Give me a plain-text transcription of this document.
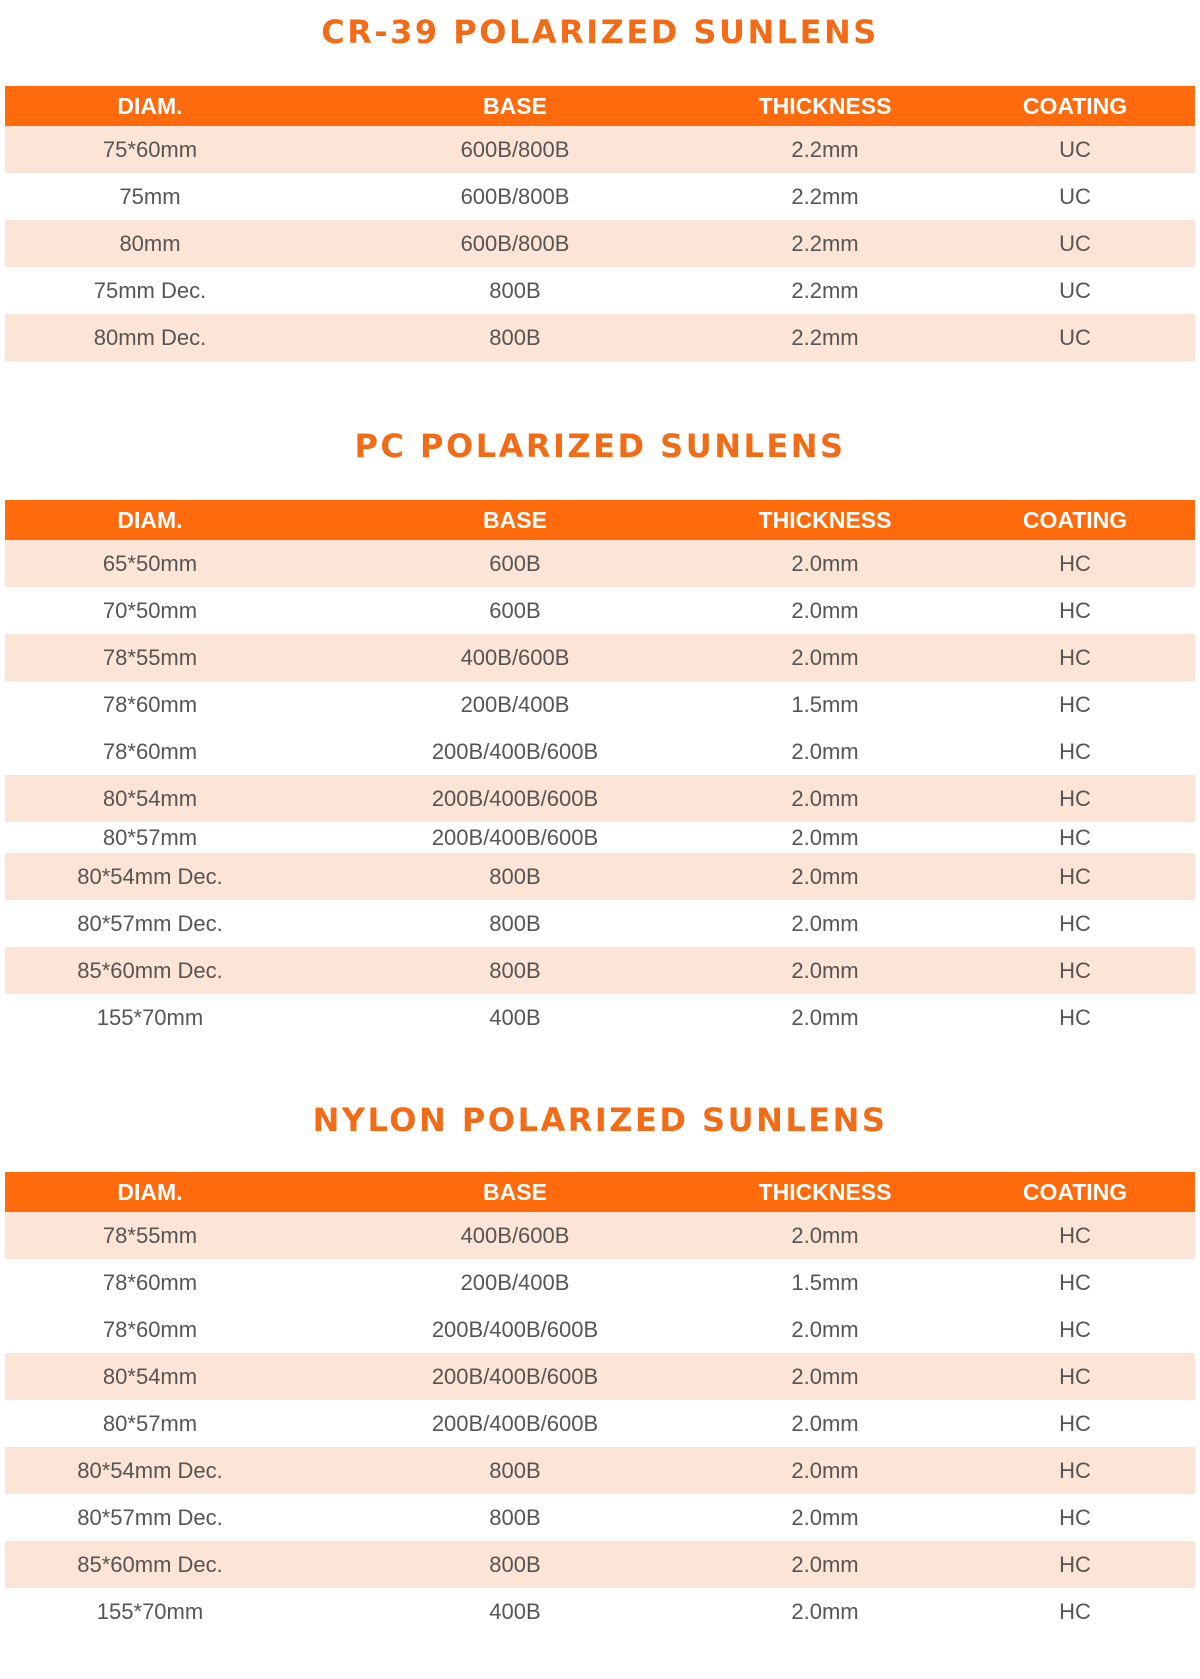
CR-39 POLARIZED SUNLENS
DIAM.	BASE	THICKNESS	COATING
75*60mm	600B/800B	2.2mm	UC
75mm	600B/800B	2.2mm	UC
80mm	600B/800B	2.2mm	UC
75mm Dec.	800B	2.2mm	UC
80mm Dec.	800B	2.2mm	UC
PC POLARIZED SUNLENS
DIAM.	BASE	THICKNESS	COATING
65*50mm	600B	2.0mm	HC
70*50mm	600B	2.0mm	HC
78*55mm	400B/600B	2.0mm	HC
78*60mm	200B/400B	1.5mm	HC
78*60mm	200B/400B/600B	2.0mm	HC
80*54mm	200B/400B/600B	2.0mm	HC
80*57mm	200B/400B/600B	2.0mm	HC
80*54mm Dec.	800B	2.0mm	HC
80*57mm Dec.	800B	2.0mm	HC
85*60mm Dec.	800B	2.0mm	HC
155*70mm	400B	2.0mm	HC
NYLON POLARIZED SUNLENS
DIAM.	BASE	THICKNESS	COATING
78*55mm	400B/600B	2.0mm	HC
78*60mm	200B/400B	1.5mm	HC
78*60mm	200B/400B/600B	2.0mm	HC
80*54mm	200B/400B/600B	2.0mm	HC
80*57mm	200B/400B/600B	2.0mm	HC
80*54mm Dec.	800B	2.0mm	HC
80*57mm Dec.	800B	2.0mm	HC
85*60mm Dec.	800B	2.0mm	HC
155*70mm	400B	2.0mm	HC
